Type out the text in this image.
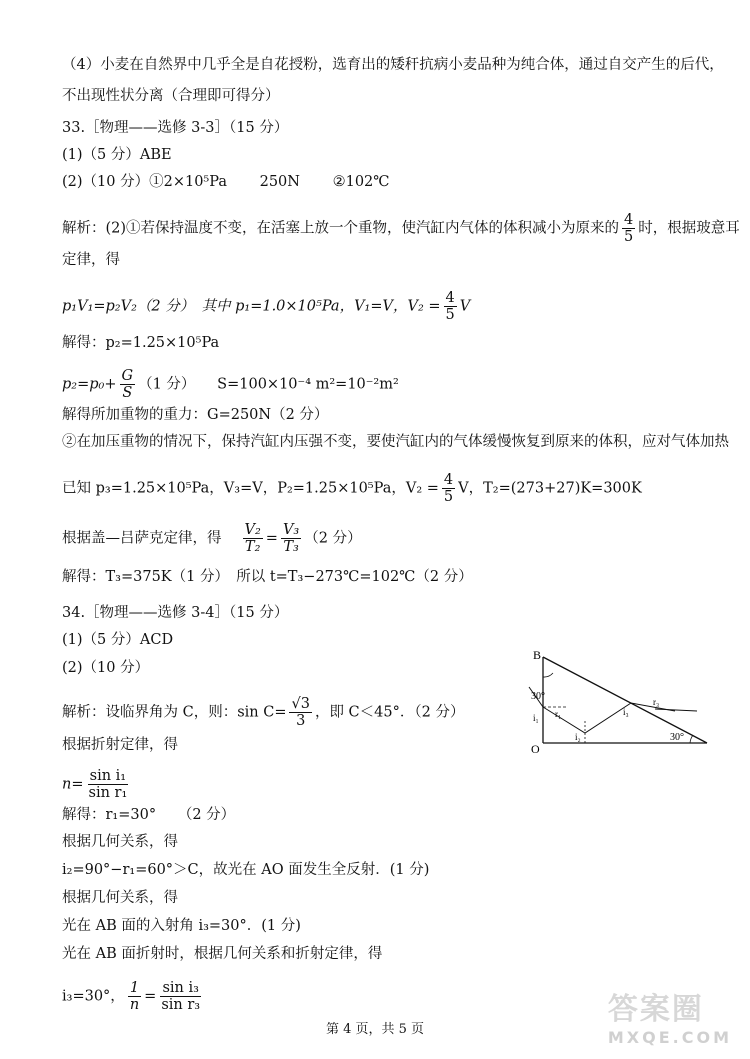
（4）小麦在自然界中几乎全是自花授粉，选育出的矮秆抗病小麦品种为纯合体，通过自交产生的后代，
不出现性状分离（合理即可得分）
33.［物理——选修 3-3］（15 分）
(1)（5 分）ABE
(2)（10 分）①2×10⁵Pa 250N ②102℃
解析：(2)①若保持温度不变，在活塞上放一个重物，使汽缸内气体的体积减小为原来的 $\frac{4}{5}$ 时，根据玻意耳
定律，得
p₁V₁=p₂V₂（2 分）　其中 p₁=1.0×10⁵Pa，V₁=V，$V_2 = \frac{4}{5}$ V
解得：p₂=1.25×10⁵Pa
$p_2=p_0+ \frac{G}{S} (1$ 分）　　S=100×10⁻⁴ m²=10⁻²m²
解得所加重物的重力：G=250N（2 分）
②在加压重物的情况下，保持汽缸内压强不变，要使汽缸内的气体缓慢恢复到原来的体积，应对气体加热
已知 p₃=1.25×10⁵Pa，V₃=V，P₂=1.25×10⁵Pa，$V_2 = \frac{4}{5}$ V，T₂=(273+27)K=300K
根据盖—吕萨克定律，得 $\frac{\text{V₂}}{\text{T₂}} = \frac{\text{V₃}}{\text{T₃}} (2$ 分）
解得：T₃=375K（1 分）　所以 t=T₃−273℃=102℃（2 分）
34.［物理——选修 3-4］（15 分）
(1)（5 分）ACD
(2)（10 分）
解析：设临界角为 C，则：$\sin C= \frac{√3}{3}$ ，即 C＜45°．（2 分）
根据折射定律，得
$n= \frac{\text{sin i₁}}{\text{sin r₁}}$
解得：r₁=30°　　（2 分）
根据几何关系，得
i₂=90°−r₁=60°＞C，故光在 AO 面发生全反射．(1 分)
根据几何关系，得
光在 AB 面的入射角 i₃=30°．(1 分)
光在 AB 面折射时，根据几何关系和折射定律，得
i₃=30°， $\frac{1}{n} = \frac{\text{sin i₃}}{\text{sin r₃}}$
B
O
30°
30°
i₁ r₁
i₂
i₃
r₃
第 4 页，共 5 页
答案圈
MXQE.COM
